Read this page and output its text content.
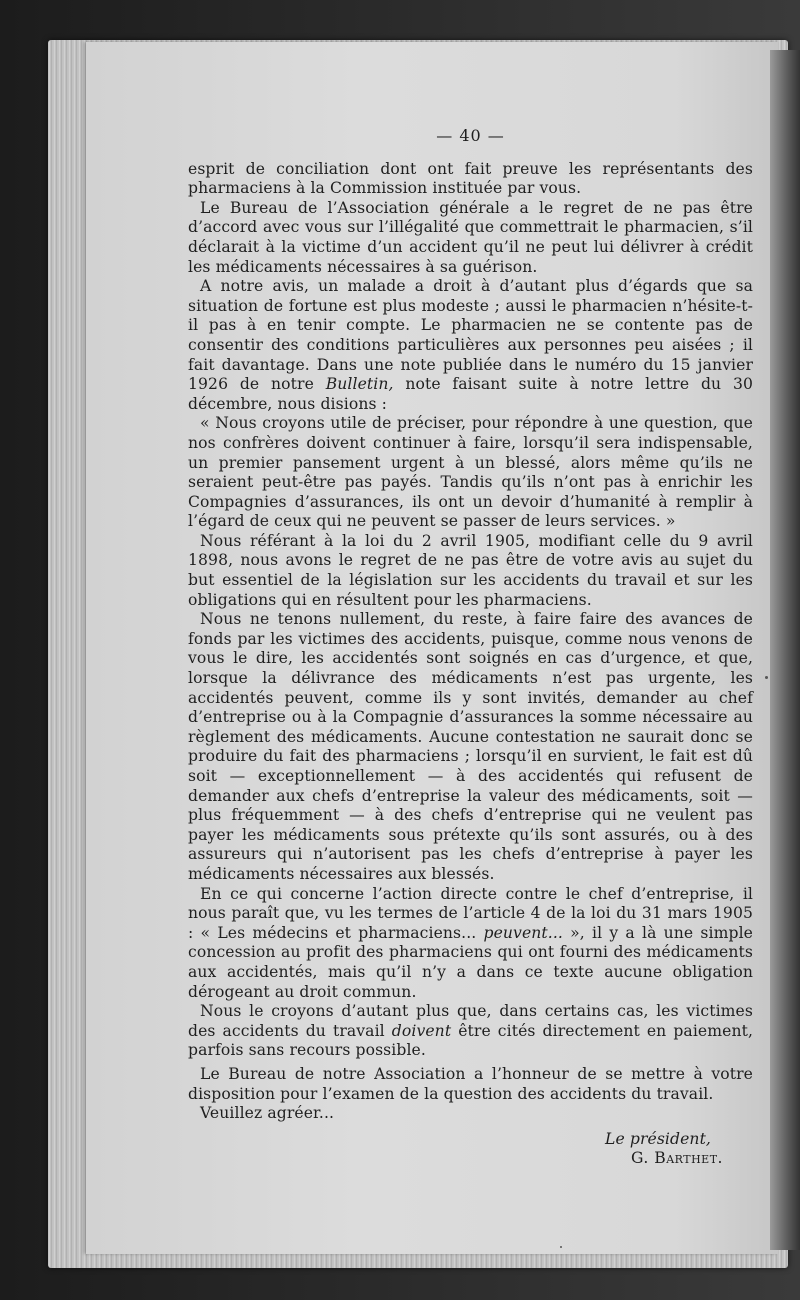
— 40 —

esprit de conciliation dont ont fait preuve les représentants des pharmaciens à la Commission instituée par vous.

Le Bureau de l’Association générale a le regret de ne pas être d’accord avec vous sur l’illégalité que commettrait le pharmacien, s’il déclarait à la victime d’un accident qu’il ne peut lui délivrer à crédit les médicaments nécessaires à sa guérison.

A notre avis, un malade a droit à d’autant plus d’égards que sa situation de fortune est plus modeste ; aussi le pharmacien n’hésite-t-il pas à en tenir compte. Le pharmacien ne se contente pas de consentir des conditions particulières aux personnes peu aisées ; il fait davantage. Dans une note publiée dans le numéro du 15 janvier 1926 de notre Bulletin, note faisant suite à notre lettre du 30 décembre, nous disions :

« Nous croyons utile de préciser, pour répondre à une question, que nos confrères doivent continuer à faire, lorsqu’il sera indispensable, un premier pansement urgent à un blessé, alors même qu’ils ne seraient peut-être pas payés. Tandis qu’ils n’ont pas à enrichir les Compagnies d’assurances, ils ont un devoir d’humanité à remplir à l’égard de ceux qui ne peuvent se passer de leurs services. »

Nous référant à la loi du 2 avril 1905, modifiant celle du 9 avril 1898, nous avons le regret de ne pas être de votre avis au sujet du but essentiel de la législation sur les accidents du travail et sur les obligations qui en résultent pour les pharmaciens.

Nous ne tenons nullement, du reste, à faire faire des avances de fonds par les victimes des accidents, puisque, comme nous venons de vous le dire, les accidentés sont soignés en cas d’urgence, et que, lorsque la délivrance des médicaments n’est pas urgente, les accidentés peuvent, comme ils y sont invités, demander au chef d’entreprise ou à la Compagnie d’assurances la somme nécessaire au règlement des médicaments. Aucune contestation ne saurait donc se produire du fait des pharmaciens ; lorsqu’il en survient, le fait est dû soit — exceptionnellement — à des accidentés qui refusent de demander aux chefs d’entreprise la valeur des médicaments, soit — plus fréquemment — à des chefs d’entreprise qui ne veulent pas payer les médicaments sous prétexte qu’ils sont assurés, ou à des assureurs qui n’autorisent pas les chefs d’entreprise à payer les médicaments nécessaires aux blessés.

En ce qui concerne l’action directe contre le chef d’entreprise, il nous paraît que, vu les termes de l’article 4 de la loi du 31 mars 1905 : « Les médecins et pharmaciens... peuvent... », il y a là une simple concession au profit des pharmaciens qui ont fourni des médicaments aux accidentés, mais qu’il n’y a dans ce texte aucune obligation dérogeant au droit commun.

Nous le croyons d’autant plus que, dans certains cas, les victimes des accidents du travail doivent être cités directement en paiement, parfois sans recours possible.

Le Bureau de notre Association a l’honneur de se mettre à votre disposition pour l’examen de la question des accidents du travail.

Veuillez agréer...

Le président,
G. Barthet.
